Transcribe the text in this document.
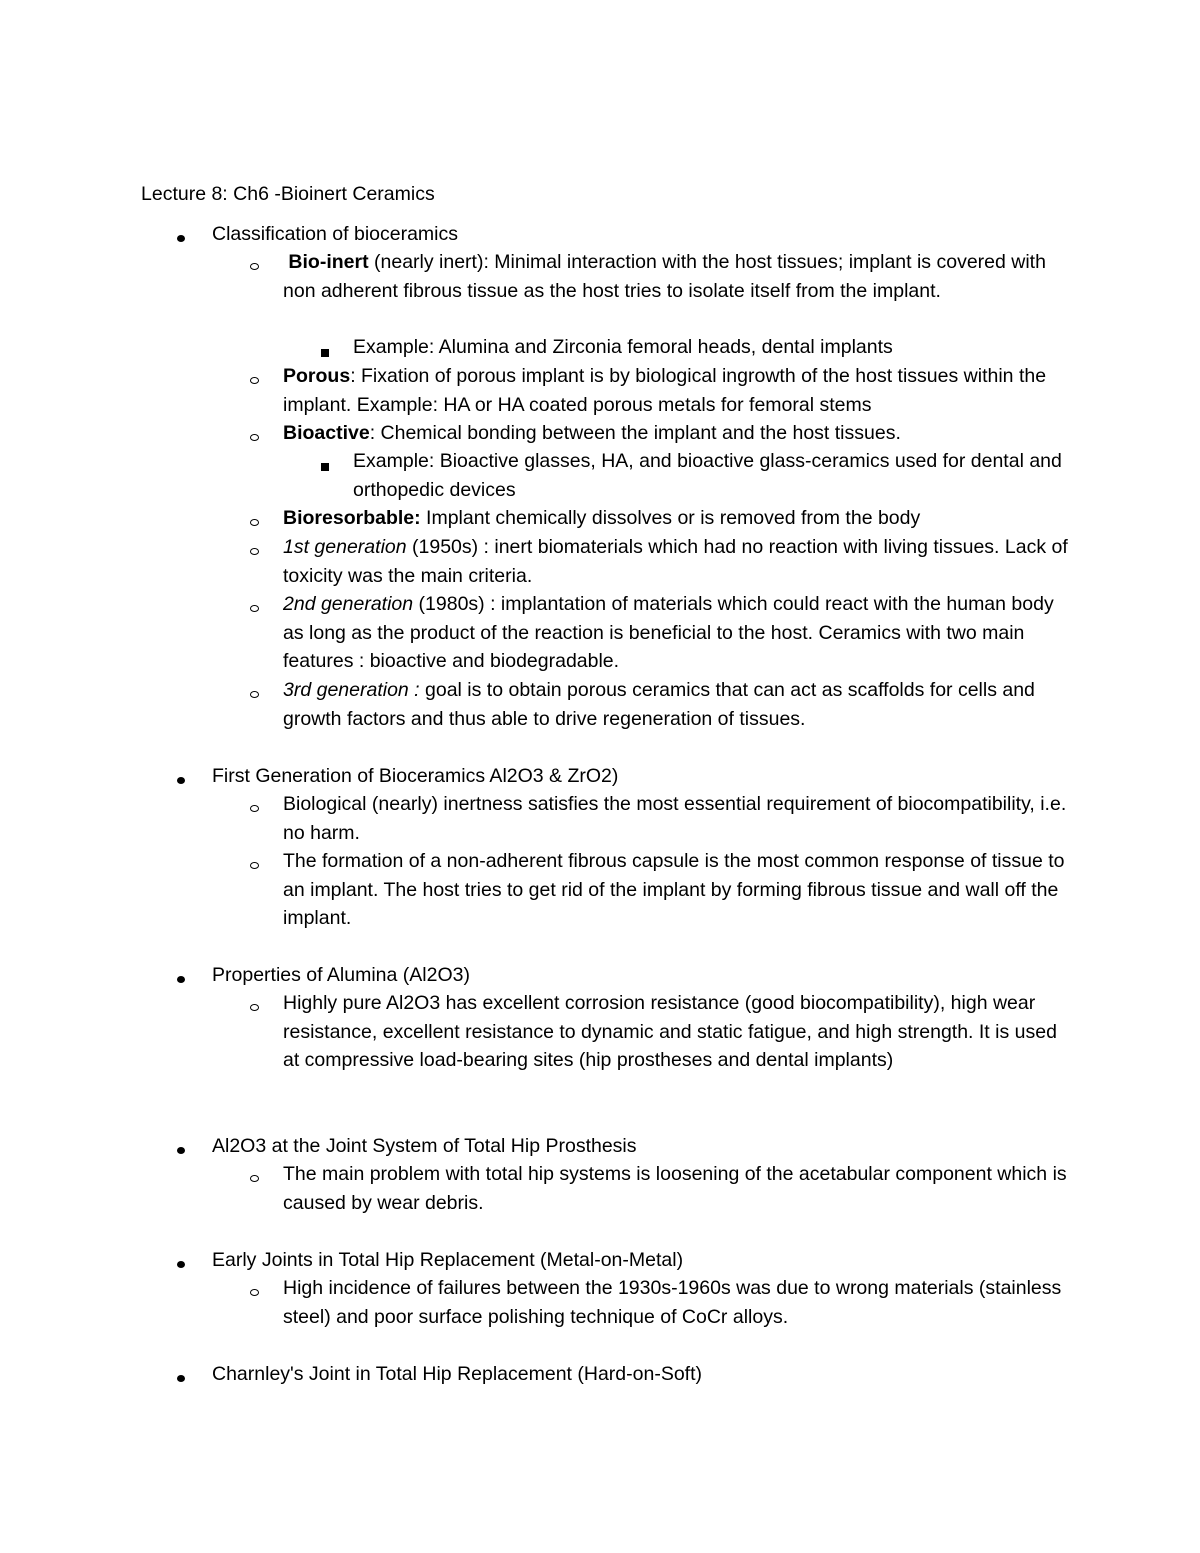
Lecture 8: Ch6 -Bioinert Ceramics
Classification of bioceramics
Bio-inert (nearly inert): Minimal interaction with the host tissues; implant is covered with non adherent fibrous tissue as the host tries to isolate itself from the implant.
Example: Alumina and Zirconia femoral heads, dental implants
Porous: Fixation of porous implant is by biological ingrowth of the host tissues within the implant. Example: HA or HA coated porous metals for femoral stems
Bioactive: Chemical bonding between the implant and the host tissues.
Example: Bioactive glasses, HA, and bioactive glass-ceramics used for dental and orthopedic devices
Bioresorbable: Implant chemically dissolves or is removed from the body
1st generation (1950s) : inert biomaterials which had no reaction with living tissues. Lack of toxicity was the main criteria.
2nd generation (1980s) : implantation of materials which could react with the human body as long as the product of the reaction is beneficial to the host. Ceramics with two main features : bioactive and biodegradable.
3rd generation : goal is to obtain porous ceramics that can act as scaffolds for cells and growth factors and thus able to drive regeneration of tissues.
First Generation of Bioceramics Al2O3 & ZrO2)
Biological (nearly) inertness satisfies the most essential requirement of biocompatibility, i.e. no harm.
The formation of a non-adherent fibrous capsule is the most common response of tissue to an implant. The host tries to get rid of the implant by forming fibrous tissue and wall off the implant.
Properties of Alumina (Al2O3)
Highly pure Al2O3 has excellent corrosion resistance (good biocompatibility), high wear resistance, excellent resistance to dynamic and static fatigue, and high strength. It is used at compressive load-bearing sites (hip prostheses and dental implants)
Al2O3 at the Joint System of Total Hip Prosthesis
The main problem with total hip systems is loosening of the acetabular component which is caused by wear debris.
Early Joints in Total Hip Replacement (Metal-on-Metal)
High incidence of failures between the 1930s-1960s was due to wrong materials (stainless steel) and poor surface polishing technique of CoCr alloys.
Charnley's Joint in Total Hip Replacement (Hard-on-Soft)
